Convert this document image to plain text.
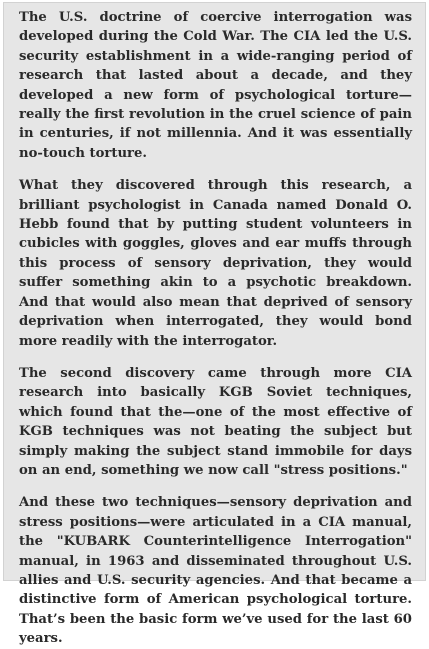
The U.S. doctrine of coercive interrogation was developed during the Cold War. The CIA led the U.S. security establishment in a wide-ranging period of research that lasted about a decade, and they developed a new form of psychological torture—really the first revolution in the cruel science of pain in centuries, if not millennia. And it was essentially no-touch torture.

What they discovered through this research, a brilliant psychologist in Canada named Donald O. Hebb found that by putting student volunteers in cubicles with goggles, gloves and ear muffs through this process of sensory deprivation, they would suffer something akin to a psychotic breakdown. And that would also mean that deprived of sensory deprivation when interrogated, they would bond more readily with the interrogator.

The second discovery came through more CIA research into basically KGB Soviet techniques, which found that the—one of the most effective of KGB techniques was not beating the subject but simply making the subject stand immobile for days on an end, something we now call "stress positions."

And these two techniques—sensory deprivation and stress positions—were articulated in a CIA manual, the "KUBARK Counterintelligence Interrogation" manual, in 1963 and disseminated throughout U.S. allies and U.S. security agencies. And that became a distinctive form of American psychological torture. That’s been the basic form we’ve used for the last 60 years.
